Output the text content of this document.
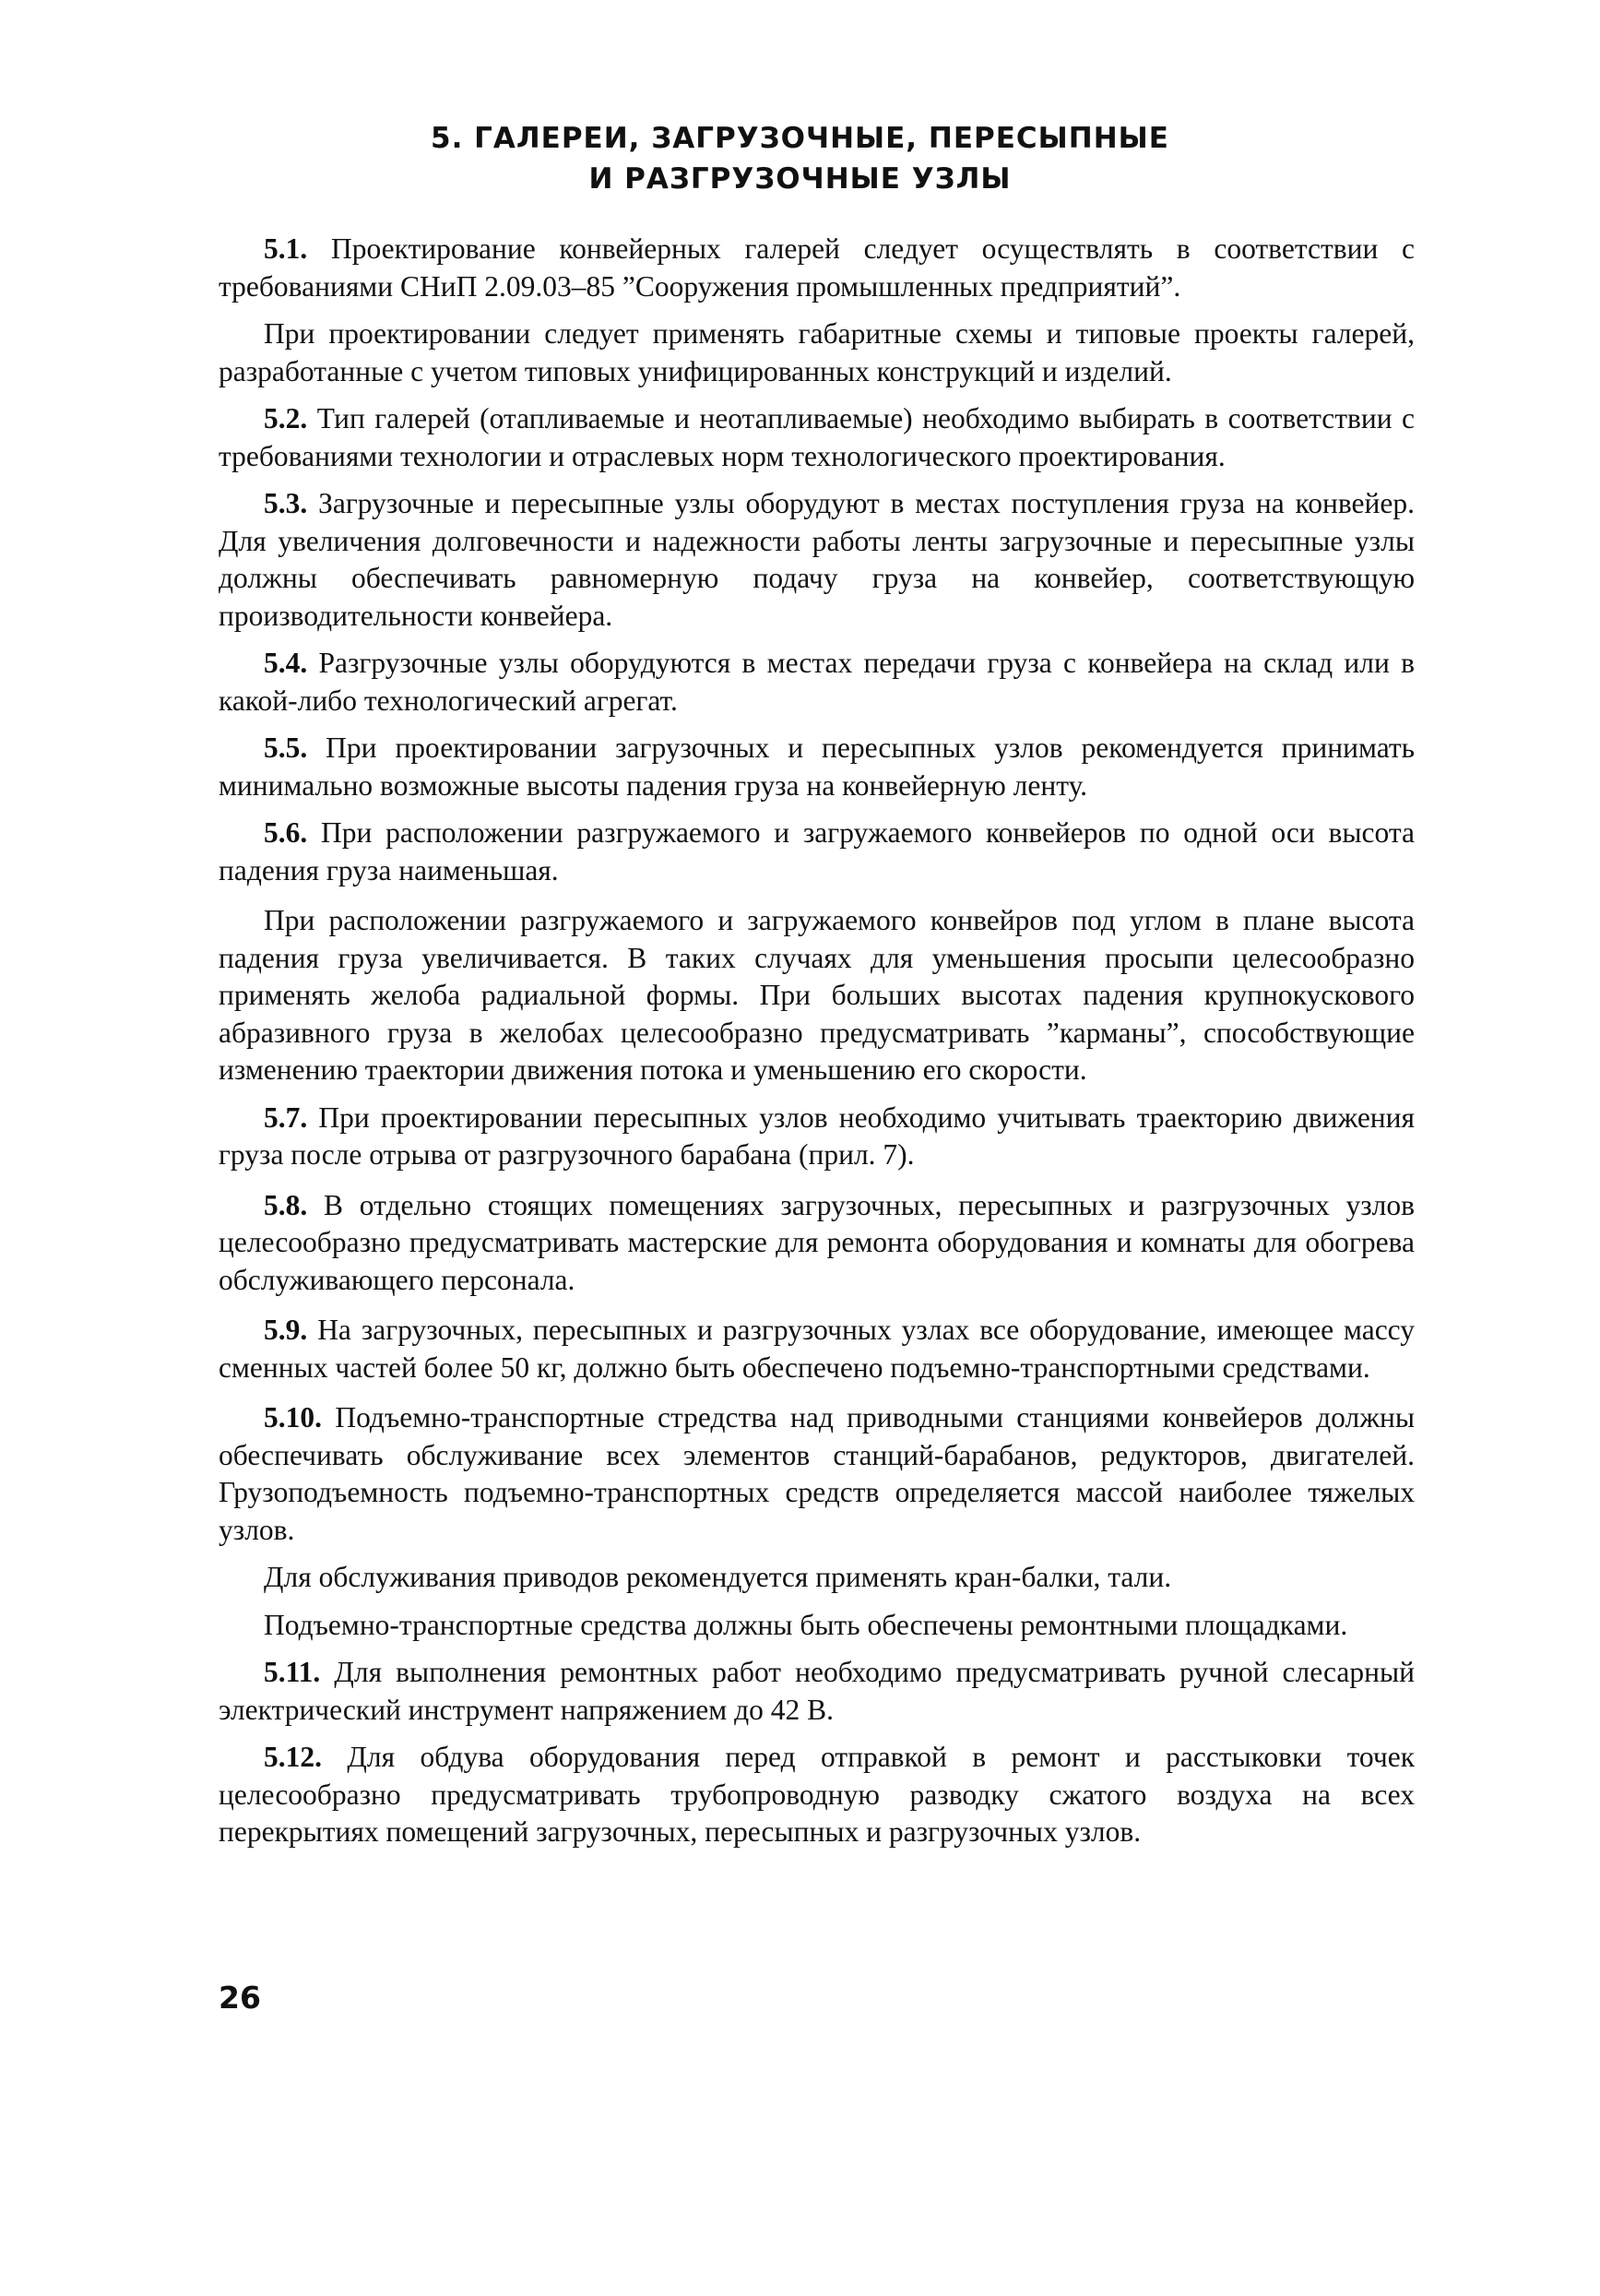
5. ГАЛЕРЕИ, ЗАГРУЗОЧНЫЕ, ПЕРЕСЫПНЫЕ
И РАЗГРУЗОЧНЫЕ УЗЛЫ

5.1. Проектирование конвейерных галерей следует осуществлять в соответствии с требованиями СНиП 2.09.03–85 ”Сооружения промышленных предприятий”.

При проектировании следует применять габаритные схемы и типовые проекты галерей, разработанные с учетом типовых унифицированных конструкций и изделий.

5.2. Тип галерей (отапливаемые и неотапливаемые) необходимо выбирать в соответствии с требованиями технологии и отраслевых норм технологического проектирования.

5.3. Загрузочные и пересыпные узлы оборудуют в местах поступления груза на конвейер. Для увеличения долговечности и надежности работы ленты загрузочные и пересыпные узлы должны обеспечивать равномерную подачу груза на конвейер, соответствующую производительности конвейера.

5.4. Разгрузочные узлы оборудуются в местах передачи груза с конвейера на склад или в какой-либо технологический агрегат.

5.5. При проектировании загрузочных и пересыпных узлов рекомендуется принимать минимально возможные высоты падения груза на конвейерную ленту.

5.6. При расположении разгружаемого и загружаемого конвейеров по одной оси высота падения груза наименьшая.

При расположении разгружаемого и загружаемого конвейров под углом в плане высота падения груза увеличивается. В таких случаях для уменьшения просыпи целесообразно применять желоба радиальной формы. При больших высотах падения крупнокускового абразивного груза в желобах целесообразно предусматривать ”карманы”, способствующие изменению траектории движения потока и уменьшению его скорости.

5.7. При проектировании пересыпных узлов необходимо учитывать траекторию движения груза после отрыва от разгрузочного барабана (прил. 7).

5.8. В отдельно стоящих помещениях загрузочных, пересыпных и разгрузочных узлов целесообразно предусматривать мастерские для ремонта оборудования и комнаты для обогрева обслуживающего персонала.

5.9. На загрузочных, пересыпных и разгрузочных узлах все оборудование, имеющее массу сменных частей более 50 кг, должно быть обеспечено подъемно-транспортными средствами.

5.10. Подъемно-транспортные стредства над приводными станциями конвейеров должны обеспечивать обслуживание всех элементов станций-барабанов, редукторов, двигателей. Грузоподъемность подъемно-транспортных средств определяется массой наиболее тяжелых узлов.

Для обслуживания приводов рекомендуется применять кран-балки, тали.

Подъемно-транспортные средства должны быть обеспечены ремонтными площадками.

5.11. Для выполнения ремонтных работ необходимо предусматривать ручной слесарный электрический инструмент напряжением до 42 В.

5.12. Для обдува оборудования перед отправкой в ремонт и расстыковки точек целесообразно предусматривать трубопроводную разводку сжатого воздуха на всех перекрытиях помещений загрузочных, пересыпных и разгрузочных узлов.

26
